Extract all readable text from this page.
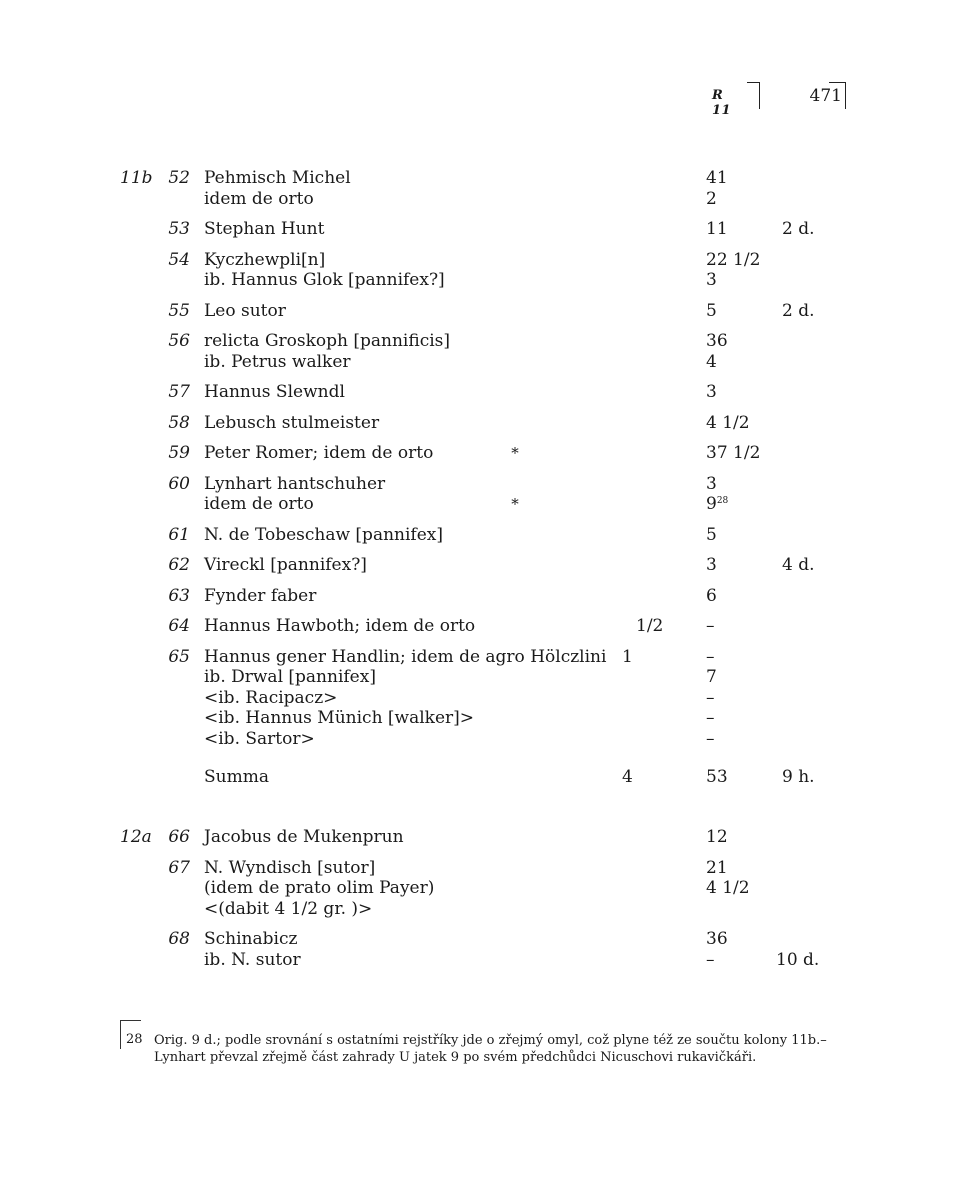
R 11
471
11b 52 Pehmisch Michel	41
idem de orto	2
53 Stephan Hunt	11	2 d.
54 Kyczhewpli[n]	22 1/2
ib. Hannus Glok [pannifex?]	3
55 Leo sutor	5	2 d.
56 relicta Groskoph [pannificis]	36
ib. Petrus walker	4
57 Hannus Slewndl	3
58 Lebusch stulmeister	4 1/2
59 Peter Romer; idem de orto	*	37 1/2
60 Lynhart hantschuher	3
idem de orto	*	$9^{28}$
61 N. de Tobeschaw [pannifex]	5
62 Vireckl [pannifex?]	3	4 d.
63 Fynder faber	6
64 Hannus Hawboth; idem de orto	1/2	–
65 Hannus gener Handlin; idem de agro Hölczlini 1	–
ib. Drwal [pannifex]	7
<ib. Racipacz>	–
<ib. Hannus Münich [walker]>	–
<ib. Sartor>	–
Summa	4	53	9 h.
12a 66 Jacobus de Mukenprun	12
67 N. Wyndisch [sutor]	21
(idem de prato olim Payer)	4 1/2
<(dabit 4 1/2 gr. )>
68 Schinabicz	36
ib. N. sutor	–	10 d.
28 Orig. 9 d.; podle srovnání s ostatními rejstříky jde o zřejmý omyl, což plyne též ze součtu kolony 11b.– Lynhart převzal zřejmě část zahrady U jatek 9 po svém předchůdci Nicuschovi rukavičkáři.
